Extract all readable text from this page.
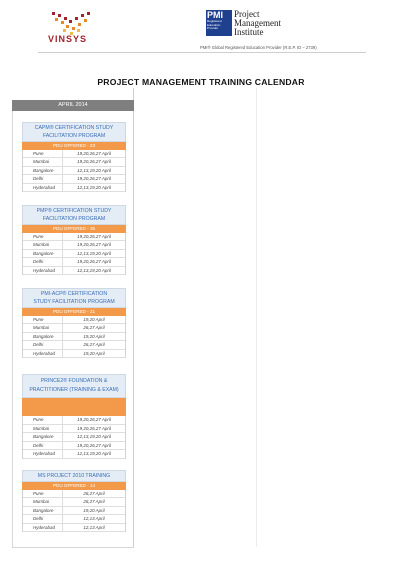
VINSYS
PMI
Registered Education Provider
Project
Management
Institute
PMI® Global Registered Education Provider (R.E.P. ID – 2739)
PROJECT MANAGEMENT TRAINING CALENDAR
APRIL 2014
CAPM® CERTIFICATION STUDY
FACILITATION PROGRAM
PDU OFFERED - 23
Pune	19,20,26,27 April
Mumbai	19,20,26,27 April
Bangalore	12,13,19,20 April
Delhi	19,20,26,27 April
Hyderabad	12,13,19,20 April
PMP® CERTIFICATION STUDY
FACILITATION PROGRAM
PDU OFFERED - 35
Pune	19,20,26,27 April
Mumbai	19,20,26,27 April
Bangalore	12,13,19,20 April
Delhi	19,20,26,27 April
Hyderabad	12,13,19,20 April
PMI-ACP® CERTIFICATION
STUDY FACILITATION PROGRAM
PDU OFFERED - 21
Pune	19,20 April
Mumbai	26,27 April
Bangalore	19,20 April
Delhi	26,27 April
Hyderabad	19,20 April
PRINCE2® FOUNDATION &
PRACTITIONER (TRAINING & EXAM)
Pune	19,20,26,27 April
Mumbai	19,20,26,27 April
Bangalore	12,13,19,20 April
Delhi	19,20,26,27 April
Hyderabad	12,13,19,20 April
MS PROJECT 2010 TRAINING
PDU OFFERED - 14
Pune	26,27 April
Mumbai	26,27 April
Bangalore	19,20 April
Delhi	12,13 April
Hyderabad	12,13 April
